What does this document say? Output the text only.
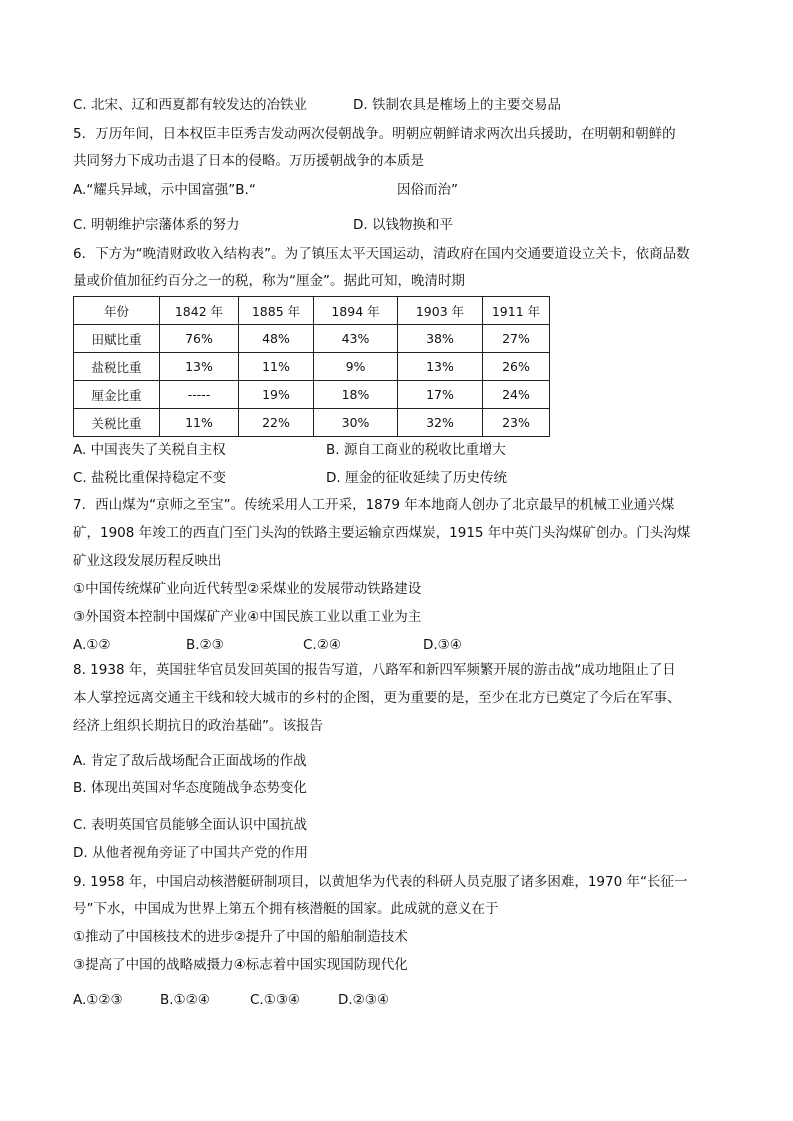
C. 北宋、辽和西夏都有较发达的冶铁业	D. 铁制农具是榷场上的主要交易品
5．万历年间，日本权臣丰臣秀吉发动两次侵朝战争。明朝应朝鲜请求两次出兵援助，在明朝和朝鲜的
共同努力下成功击退了日本的侵略。万历援朝战争的本质是
A.“耀兵异域，示中国富强”B.“	因俗而治”
C. 明朝维护宗藩体系的努力	D. 以钱物换和平
6．下方为“晚清财政收入结构表”。为了镇压太平天国运动，清政府在国内交通要道设立关卡，依商品数
量或价值加征约百分之一的税，称为“厘金”。据此可知，晚清时期
年份	1842 年	1885 年	1894 年	1903 年	1911 年
田赋比重	76%	48%	43%	38%	27%
盐税比重	13%	11%	9%	13%	26%
厘金比重	-----	19%	18%	17%	24%
关税比重	11%	22%	30%	32%	23%
A. 中国丧失了关税自主权	B. 源自工商业的税收比重增大
C. 盐税比重保持稳定不变	D. 厘金的征收延续了历史传统
7．西山煤为“京师之至宝”。传统采用人工开采，1879 年本地商人创办了北京最早的机械工业通兴煤
矿，1908 年竣工的西直门至门头沟的铁路主要运输京西煤炭，1915 年中英门头沟煤矿创办。门头沟煤
矿业这段发展历程反映出
①中国传统煤矿业向近代转型②采煤业的发展带动铁路建设
③外国资本控制中国煤矿产业④中国民族工业以重工业为主
A.①②	B.②③	C.②④	D.③④
8. 1938 年，英国驻华官员发回英国的报告写道，八路军和新四军频繁开展的游击战“成功地阻止了日
本人掌控远离交通主干线和较大城市的乡村的企图，更为重要的是，至少在北方已奠定了今后在军事、
经济上组织长期抗日的政治基础”。该报告
A. 肯定了敌后战场配合正面战场的作战
B. 体现出英国对华态度随战争态势变化
C. 表明英国官员能够全面认识中国抗战
D. 从他者视角旁证了中国共产党的作用
9. 1958 年，中国启动核潜艇研制项目，以黄旭华为代表的科研人员克服了诸多困难，1970 年“长征一
号”下水，中国成为世界上第五个拥有核潜艇的国家。此成就的意义在于
①推动了中国核技术的进步②提升了中国的船舶制造技术
③提高了中国的战略威摄力④标志着中国实现国防现代化
A.①②③	B.①②④	C.①③④	D.②③④
